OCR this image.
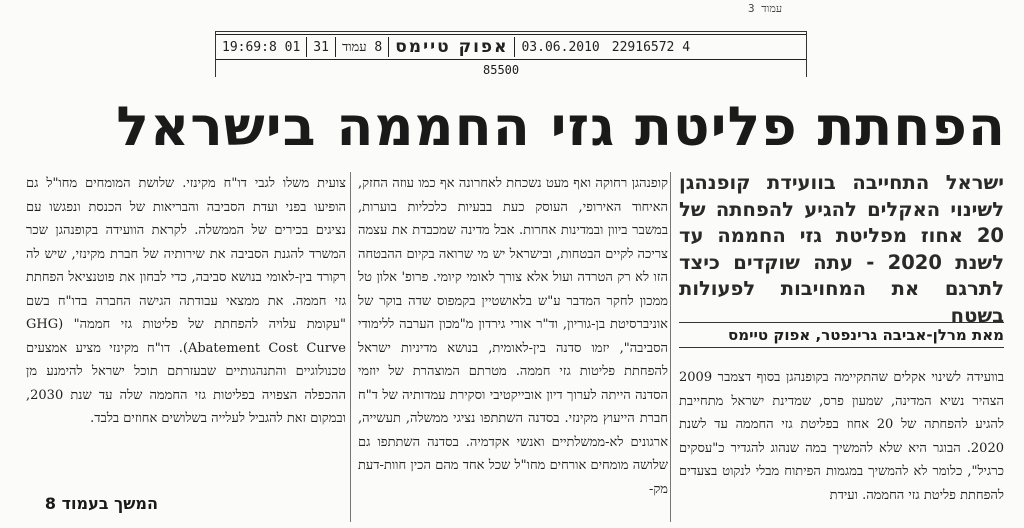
עמוד 3
19:69:8 01	31	8 עמוד אפוק טיימס	03.06.2010 22916572 4
85500
הפחתת פליטת גזי החממה בישראל
ישראל התחייבה בוועידת קופנהגן לשינוי האקלים להגיע להפחתה של 20 אחוז מפליטת גזי החממה עד לשנת 2020 - עתה שוקדים כיצד לתרגם את המחויבות לפעולות בשטח
מאת מרלן-אביבה גרינפטר, אפוק טיימס
בוועידה לשינוי אקלים שהתקיימה בקופנהגן בסוף דצמבר 2009 הצהיר נשיא המדינה, שמעון פרס, שמדינת ישראל מתחייבת להגיע להפחתה של 20 אחוז בפליטת גזי החממה עד לשנת 2020. הבוגר היא שלא להמשיך במה שנהוג להגדיר כ"עסקים כרגיל", כלומר לא להמשיך במגמות הפיתוח מבלי לנקוט בצעדים להפחתת פליטת גזי החממה. ועידת
קופנהגן רחוקה ואף מעט נשכחת לאחרונה אף כמו עוזה החזק, האיחוד האירופי, העוסק כעת בבעיות כלכליות בוערות, במשבר ביוון ובמדינות אחרות. אבל מדינה שמכבדת את עצמה צריכה לקיים הבטחות, ובישראל יש מי שרואה בקיום ההבטחה הזו לא רק הטרדה ועול אלא צורך לאומי קיומי. פרופ' אלון טל ממכון לחקר המדבר ע"ש בלאושטיין בקמפוס שדה בוקר של אוניברסיטת בן-גוריון, וד"ר אורי גירדון מ"מכון הערבה ללימודי הסביבה", יזמו סדנה בין-לאומית, בנושא מדיניות ישראל להפחתת פליטות גזי חממה. מטרתם המוצהרת של יוזמי הסדנה הייתה לערוך דיון אובייקטיבי וסקירת עמדותיה של ד"ח חברת הייעוץ מקינזי. בסדנה השתתפו נציגי ממשלה, תעשייה, ארגונים לא-ממשלתיים ואנשי אקדמיה. בסדנה השתתפו גם שלושה מומחים אורחים מחו"ל שכל אחד מהם הכין חוות-דעת מק-
צועית משלו לגבי דו"ח מקינזי. שלושת המומחים מחו"ל גם הופיעו בפני ועדת הסביבה והבריאות של הכנסת ונפגשו עם נציגים בכירים של הממשלה. לקראת הוועידה בקופנהגן שכר המשרד להגנת הסביבה את שירותיה של חברת מקינזי, שיש לה רקורד בין-לאומי בנושא סביבה, כדי לבחון את פוטנציאל הפחתת גזי חממה. את ממצאי עבודתה הגישה החברה בדו"ח בשם "עקומת עלויה להפחתת של פליטות גזי חממה" (GHG Abatement Cost Curve). דו"ח מקינזי מציע אמצעים טכנולוגיים והתנהגותיים שבעזרתם תוכל ישראל להימנע מן ההכפלה הצפויה בפליטות גזי החממה שלה עד שנת 2030, ובמקום זאת להגביל לעלייה בשלושים אחוזים בלבד.
המשך בעמוד 8
